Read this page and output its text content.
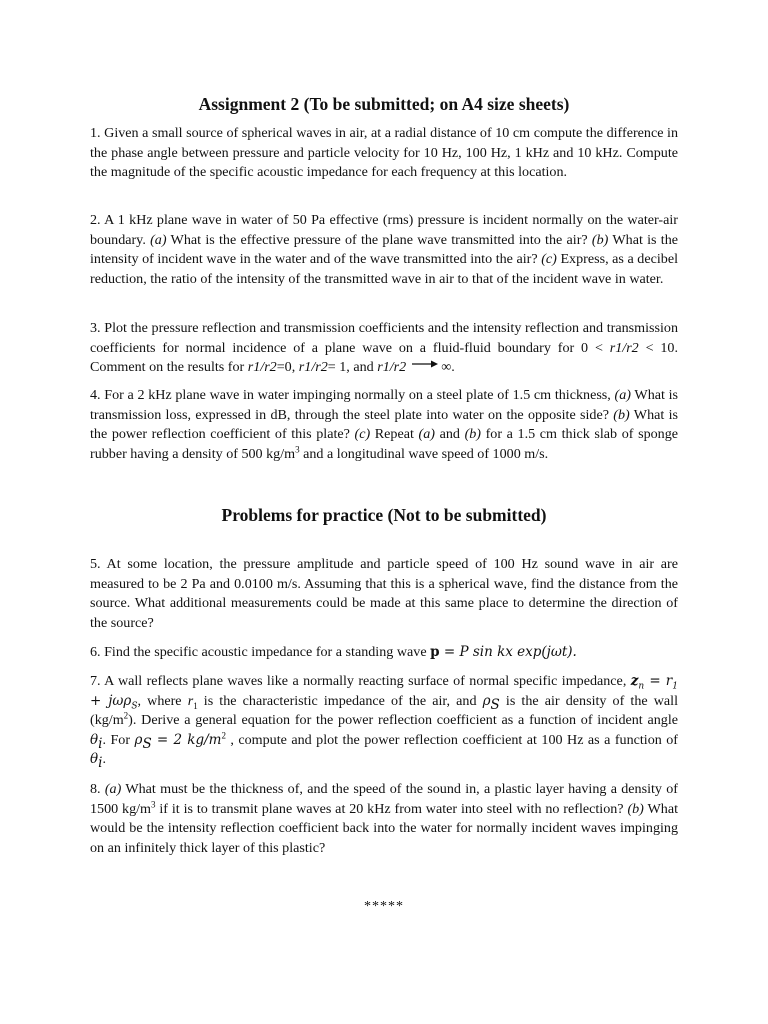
Assignment 2 (To be submitted; on A4 size sheets)

1. Given a small source of spherical waves in air, at a radial distance of 10 cm compute the difference in the phase angle between pressure and particle velocity for 10 Hz, 100 Hz, 1 kHz and 10 kHz. Compute the magnitude of the specific acoustic impedance for each frequency at this location.

2. A 1 kHz plane wave in water of 50 Pa effective (rms) pressure is incident normally on the water-air boundary. (a) What is the effective pressure of the plane wave transmitted into the air? (b) What is the intensity of incident wave in the water and of the wave transmitted into the air? (c) Express, as a decibel reduction, the ratio of the intensity of the transmitted wave in air to that of the incident wave in water.

3. Plot the pressure reflection and transmission coefficients and the intensity reflection and transmission coefficients for normal incidence of a plane wave on a fluid-fluid boundary for 0 < r1/r2 < 10. Comment on the results for r1/r2=0, r1/r2= 1, and r1/r2 ∞.

4. For a 2 kHz plane wave in water impinging normally on a steel plate of 1.5 cm thickness, (a) What is transmission loss, expressed in dB, through the steel plate into water on the opposite side? (b) What is the power reflection coefficient of this plate? (c) Repeat (a) and (b) for a 1.5 cm thick slab of sponge rubber having a density of 500 $kg/m^3$ and a longitudinal wave speed of 1000 m/s.

Problems for practice (Not to be submitted)

5. At some location, the pressure amplitude and particle speed of 100 Hz sound wave in air are measured to be 2 Pa and 0.0100 m/s. Assuming that this is a spherical wave, find the distance from the source. What additional measurements could be made at this same place to determine the direction of the source?

6. Find the specific acoustic impedance for a standing wave p = P sin kx exp(jωt).

7. A wall reflects plane waves like a normally reacting surface of normal specific impedance, $z_n = r_1 + j\omega\rho_S$, where $r_1$ is the characteristic impedance of the air, and $\rho_S$ is the air density of the wall $(kg/m^2)$. Derive a general equation for the power reflection coefficient as a function of incident angle $\theta_i$. For $\rho_S = 2$ $kg/m^2$ , compute and plot the power reflection coefficient at 100 Hz as a function of $\theta_i$.

8. (a) What must be the thickness of, and the speed of the sound in, a plastic layer having a density of 1500 $kg/m^3$ if it is to transmit plane waves at 20 kHz from water into steel with no reflection? (b) What would be the intensity reflection coefficient back into the water for normally incident waves impinging on an infinitely thick layer of this plastic?

*****
